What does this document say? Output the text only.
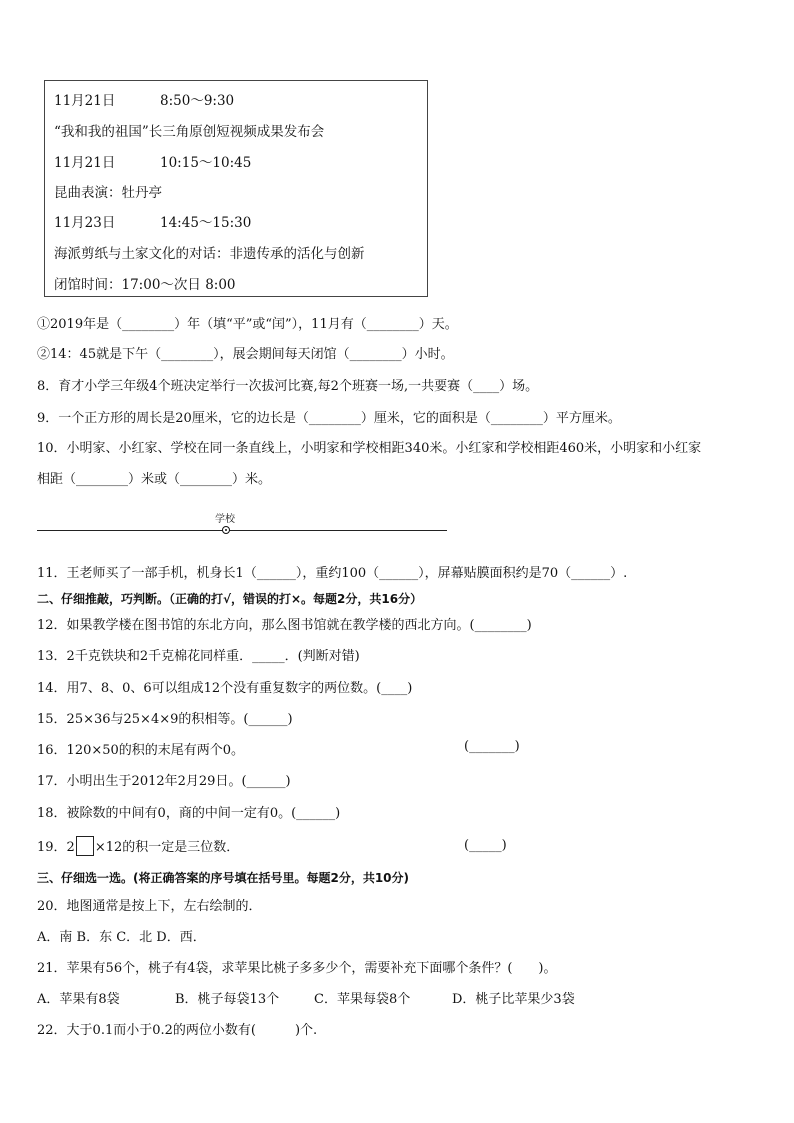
11月21日	8:50～9:30
“我和我的祖国”长三角原创短视频成果发布会
11月21日	10:15～10:45
昆曲表演：牡丹亭
11月23日	14:45～15:30
海派剪纸与土家文化的对话：非遗传承的活化与创新
闭馆时间：17:00～次日 8:00
①2019年是（________）年（填“平”或“闰”），11月有（________）天。
②14：45就是下午（________），展会期间每天闭馆（________）小时。
8．育才小学三年级4个班决定举行一次拔河比赛,每2个班赛一场,一共要赛（____）场。
9．一个正方形的周长是20厘米，它的边长是（________）厘米，它的面积是（________）平方厘米。
10．小明家、小红家、学校在同一条直线上，小明家和学校相距340米。小红家和学校相距460米，小明家和小红家
相距（________）米或（________）米。
学校
11．王老师买了一部手机，机身长1（______），重约100（______），屏幕贴膜面积约是70（______）.
二、仔细推敲，巧判断。（正确的打√，错误的打×。每题2分，共16分）
12．如果教学楼在图书馆的东北方向，那么图书馆就在教学楼的西北方向。(________)
13．2千克铁块和2千克棉花同样重．_____．(判断对错)
14．用7、8、0、6可以组成12个没有重复数字的两位数。(____)
15．25×36与25×4×9的积相等。(______)
16．120×50的积的末尾有两个0。	(_______)
17．小明出生于2012年2月29日。(______)
18．被除数的中间有0，商的中间一定有0。(______)
19．2 ×12的积一定是三位数．	(_____)
三、仔细选一选。(将正确答案的序号填在括号里。每题2分，共10分)
20．地图通常是按上下，左右绘制的．
A．南 B．东 C．北 D．西．
21．苹果有56个，桃子有4袋，求苹果比桃子多多少个，需要补充下面哪个条件？(　　)。
A．苹果有8袋	B．桃子每袋13个	C．苹果每袋8个	D．桃子比苹果少3袋
22．大于0.1而小于0.2的两位小数有(　　　)个.
